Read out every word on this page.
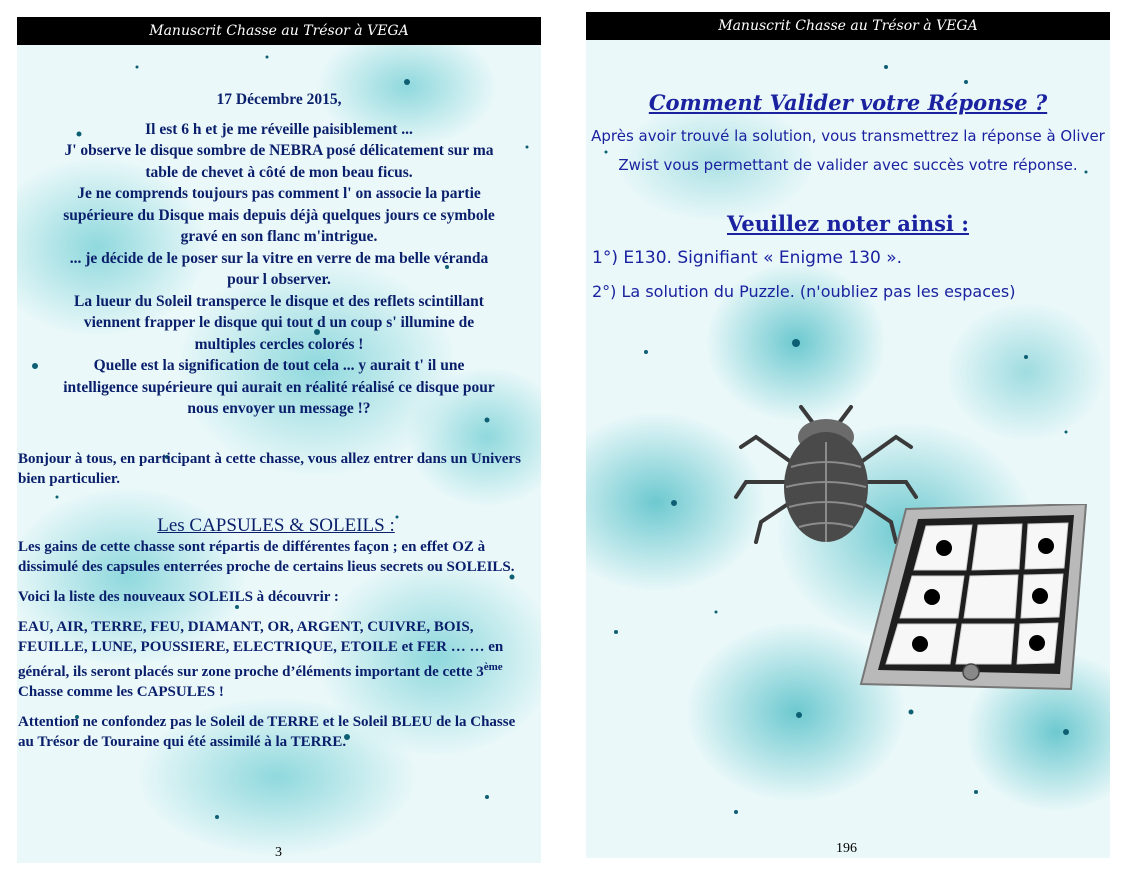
Manuscrit Chasse au Trésor à VEGA
17 Décembre 2015,
Il est 6 h et je me réveille paisiblement ...
J' observe le disque sombre de NEBRA posé délicatement sur ma
table de chevet à côté de mon beau ficus.
Je ne comprends toujours pas comment l' on associe la partie
supérieure du Disque mais depuis déjà quelques jours ce symbole
gravé en son flanc m'intrigue.
... je décide de le poser sur la vitre en verre de ma belle véranda
pour l observer.
La lueur du Soleil transperce le disque et des reflets scintillant
viennent frapper le disque qui tout d un coup s' illumine de
multiples cercles colorés !
Quelle est la signification de tout cela ... y aurait t' il une
intelligence supérieure qui aurait en réalité réalisé ce disque pour
nous envoyer un message !?

Bonjour à tous, en participant à cette chasse, vous allez entrer dans un Univers bien particulier.

Les CAPSULES & SOLEILS :

Les gains de cette chasse sont répartis de différentes façon ; en effet OZ à dissimulé des capsules enterrées proche de certains lieus secrets ou SOLEILS.

Voici la liste des nouveaux SOLEILS à découvrir :

EAU, AIR, TERRE, FEU, DIAMANT, OR, ARGENT, CUIVRE, BOIS, FEUILLE, LUNE, POUSSIERE, ELECTRIQUE, ETOILE et FER … … en général, ils seront placés sur zone proche d’éléments important de cette 3ème Chasse comme les CAPSULES !

Attention ne confondez pas le Soleil de TERRE et le Soleil BLEU de la Chasse au Trésor de Touraine qui été assimilé à la TERRE.

3
Manuscrit Chasse au Trésor à VEGA
Comment Valider votre Réponse ?
Après avoir trouvé la solution, vous transmettrez la réponse à Oliver Zwist vous permettant de valider avec succès votre réponse.
Veuillez noter ainsi :
1°) E130. Signifiant « Enigme 130 ».
2°) La solution du Puzzle. (n'oubliez pas les espaces)
196
